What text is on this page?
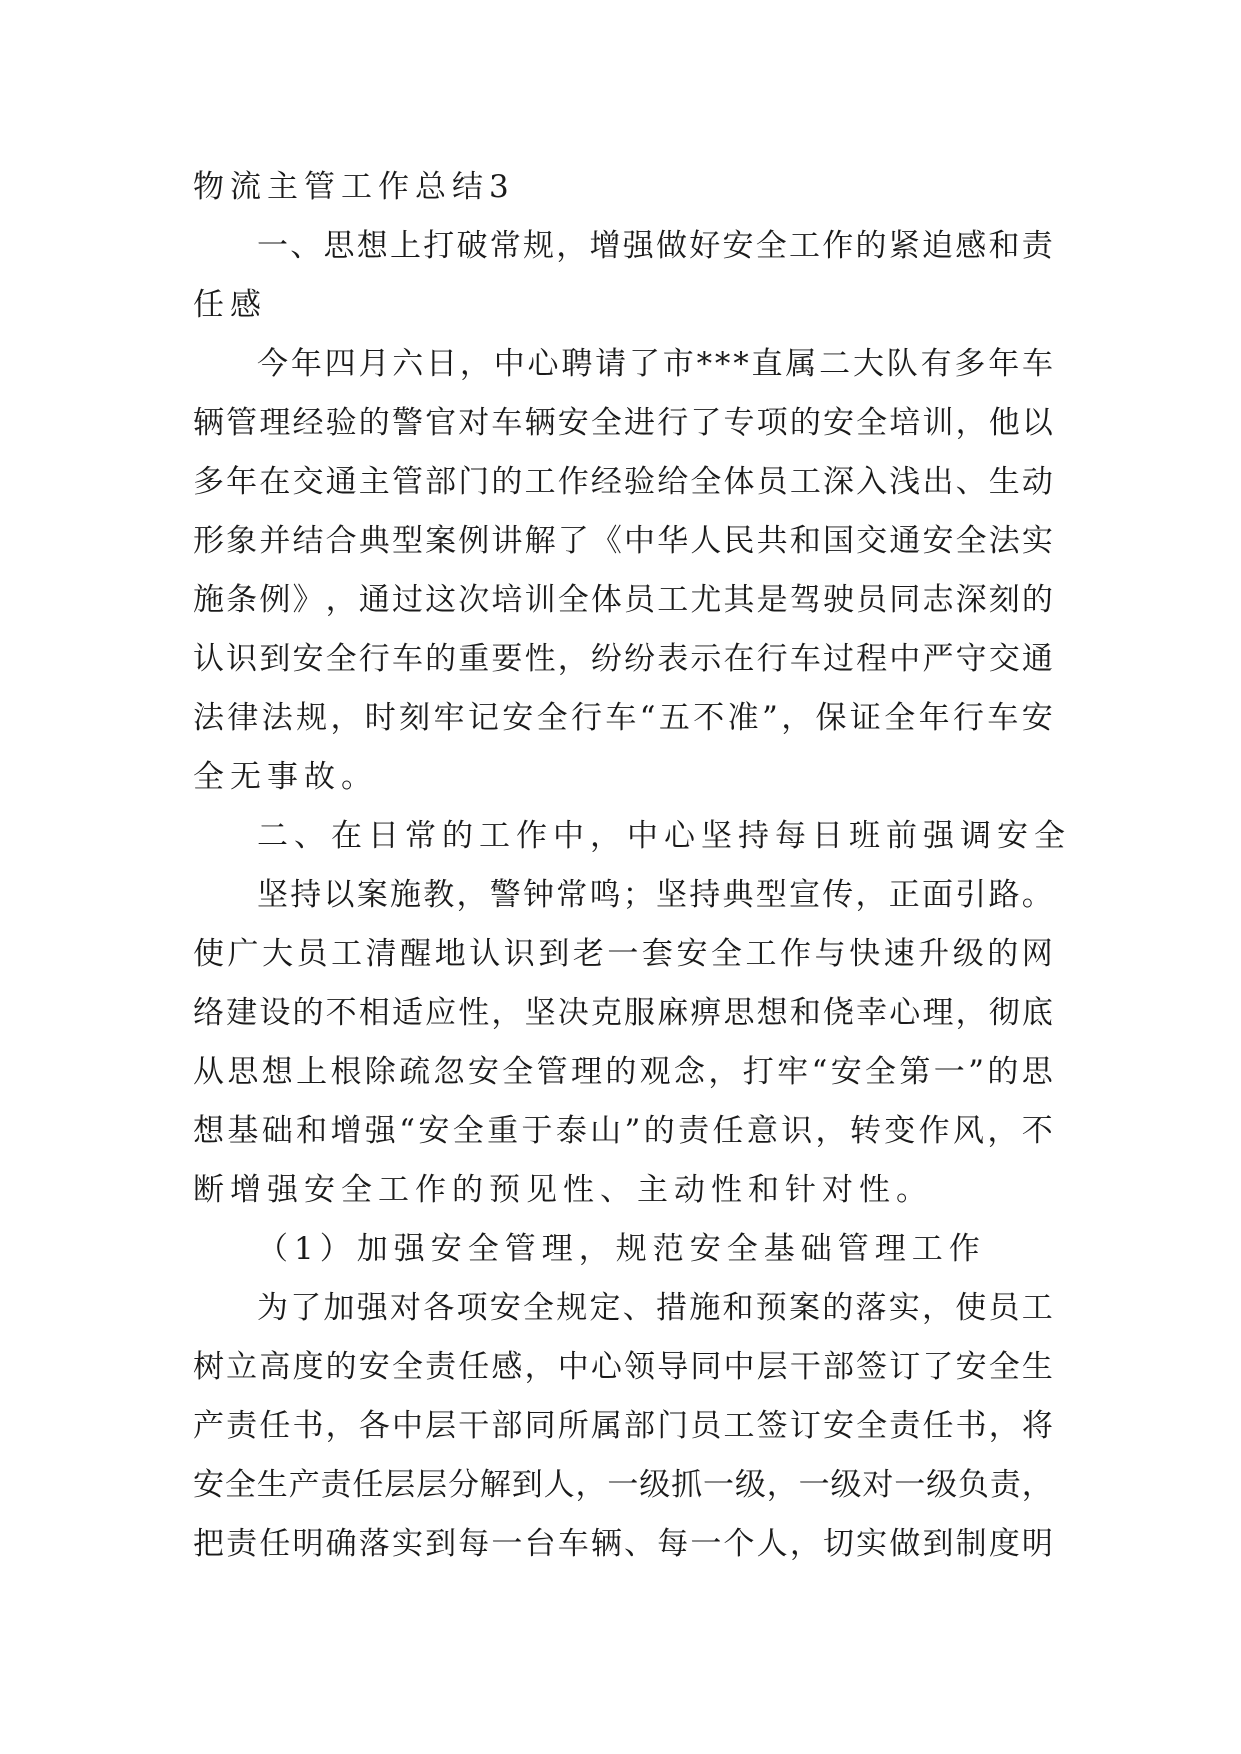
物流主管工作总结3
一 、 思 想 上 打 破 常 规 ， 增 强 做 好 安 全 工 作 的 紧 迫 感 和 责
任感
今 年 四 月 六 日 ， 中 心 聘 请 了 市 * * * 直 属 二 大 队 有 多 年 车
辆 管 理 经 验 的 警 官 对 车 辆 安 全 进 行 了 专 项 的 安 全 培 训 ， 他 以
多 年 在 交 通 主 管 部 门 的 工 作 经 验 给 全 体 员 工 深 入 浅 出 、 生 动
形 象 并 结 合 典 型 案 例 讲 解 了 《 中 华 人 民 共 和 国 交 通 安 全 法 实
施 条 例 》 ， 通 过 这 次 培 训 全 体 员 工 尤 其 是 驾 驶 员 同 志 深 刻 的
认 识 到 安 全 行 车 的 重 要 性 ， 纷 纷 表 示 在 行 车 过 程 中 严 守 交 通
法 律 法 规 ， 时 刻 牢 记 安 全 行 车 “ 五 不 准 ” ， 保 证 全 年 行 车 安
全无事故。
二、在日常的工作中，中心坚持每日班前强调安全
坚 持 以 案 施 教 ， 警 钟 常 鸣 ； 坚 持 典 型 宣 传 ， 正 面 引 路 。
使 广 大 员 工 清 醒 地 认 识 到 老 一 套 安 全 工 作 与 快 速 升 级 的 网
络 建 设 的 不 相 适 应 性 ， 坚 决 克 服 麻 痹 思 想 和 侥 幸 心 理 ， 彻 底
从 思 想 上 根 除 疏 忽 安 全 管 理 的 观 念 ， 打 牢 “ 安 全 第 一 ” 的 思
想 基 础 和 增 强 “ 安 全 重 于 泰 山 ” 的 责 任 意 识 ， 转 变 作 风 ， 不
断增强安全工作的预见性、主动性和针对性。
（1）加强安全管理，规范安全基础管理工作
为 了 加 强 对 各 项 安 全 规 定 、 措 施 和 预 案 的 落 实 ， 使 员 工
树 立 高 度 的 安 全 责 任 感 ， 中 心 领 导 同 中 层 干 部 签 订 了 安 全 生
产 责 任 书 ， 各 中 层 干 部 同 所 属 部 门 员 工 签 订 安 全 责 任 书 ， 将
安 全 生 产 责 任 层 层 分 解 到 人 ， 一 级 抓 一 级 ， 一 级 对 一 级 负 责 ，
把 责 任 明 确 落 实 到 每 一 台 车 辆 、 每 一 个 人 ， 切 实 做 到 制 度 明
